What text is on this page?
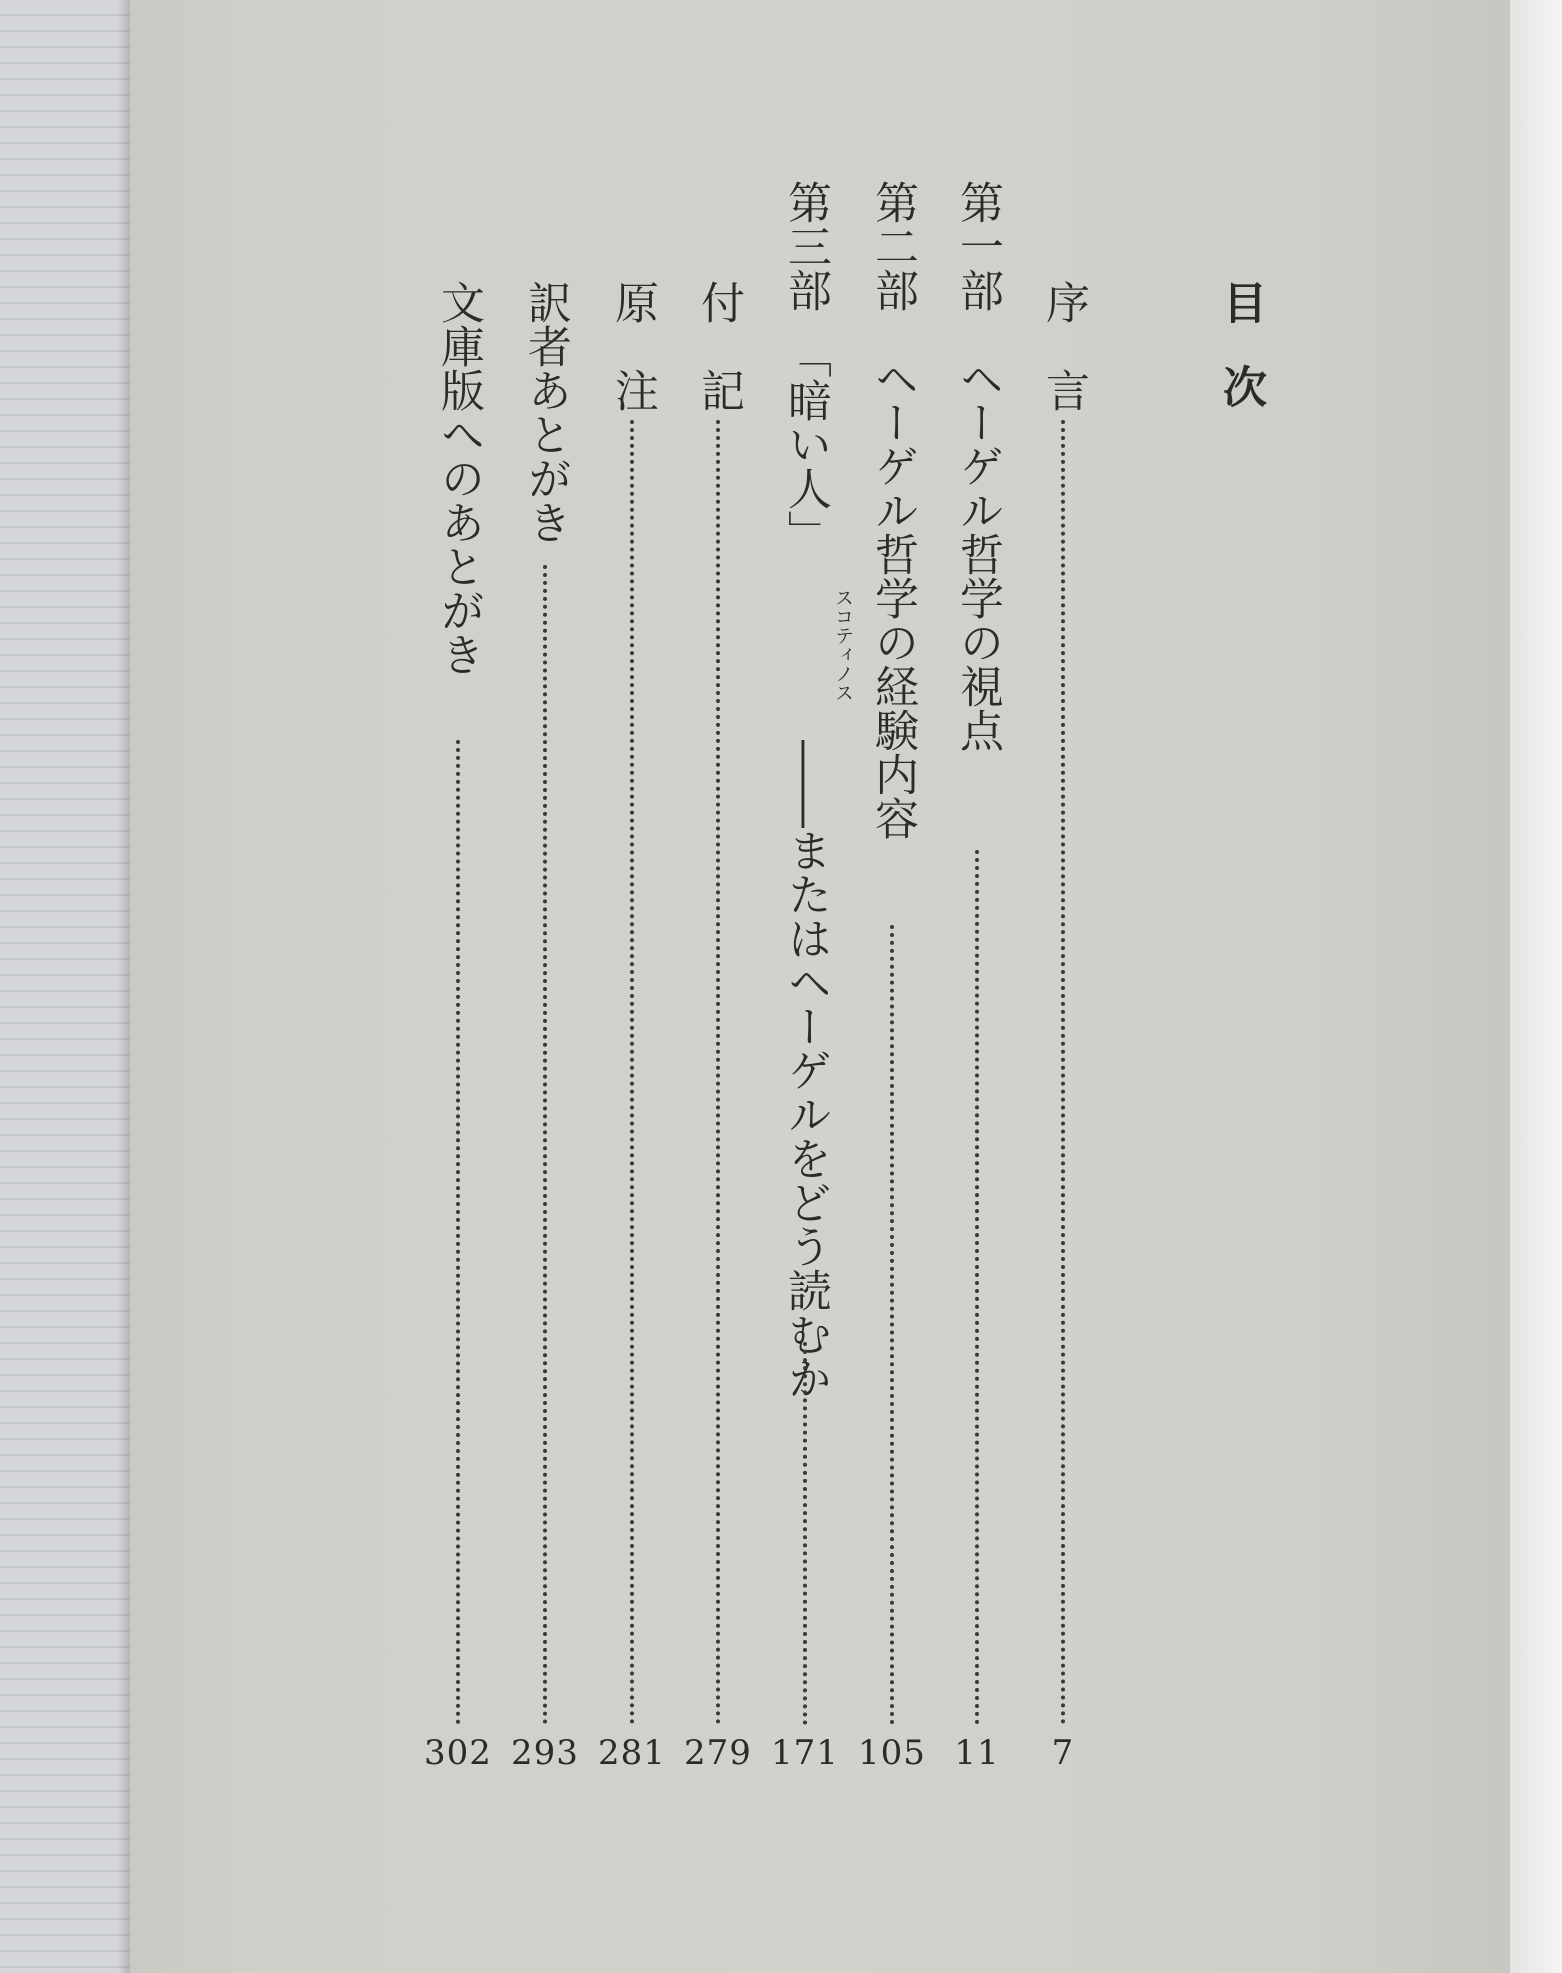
目次
序　言
7
第一部　ヘーゲル哲学の視点
11
第二部　ヘーゲル哲学の経験内容
105
第三部　「暗い人」
スコティノス
――またはヘーゲルをどう読むか
171
付　記
279
原　注
281
訳者あとがき
293
文庫版へのあとがき
302
